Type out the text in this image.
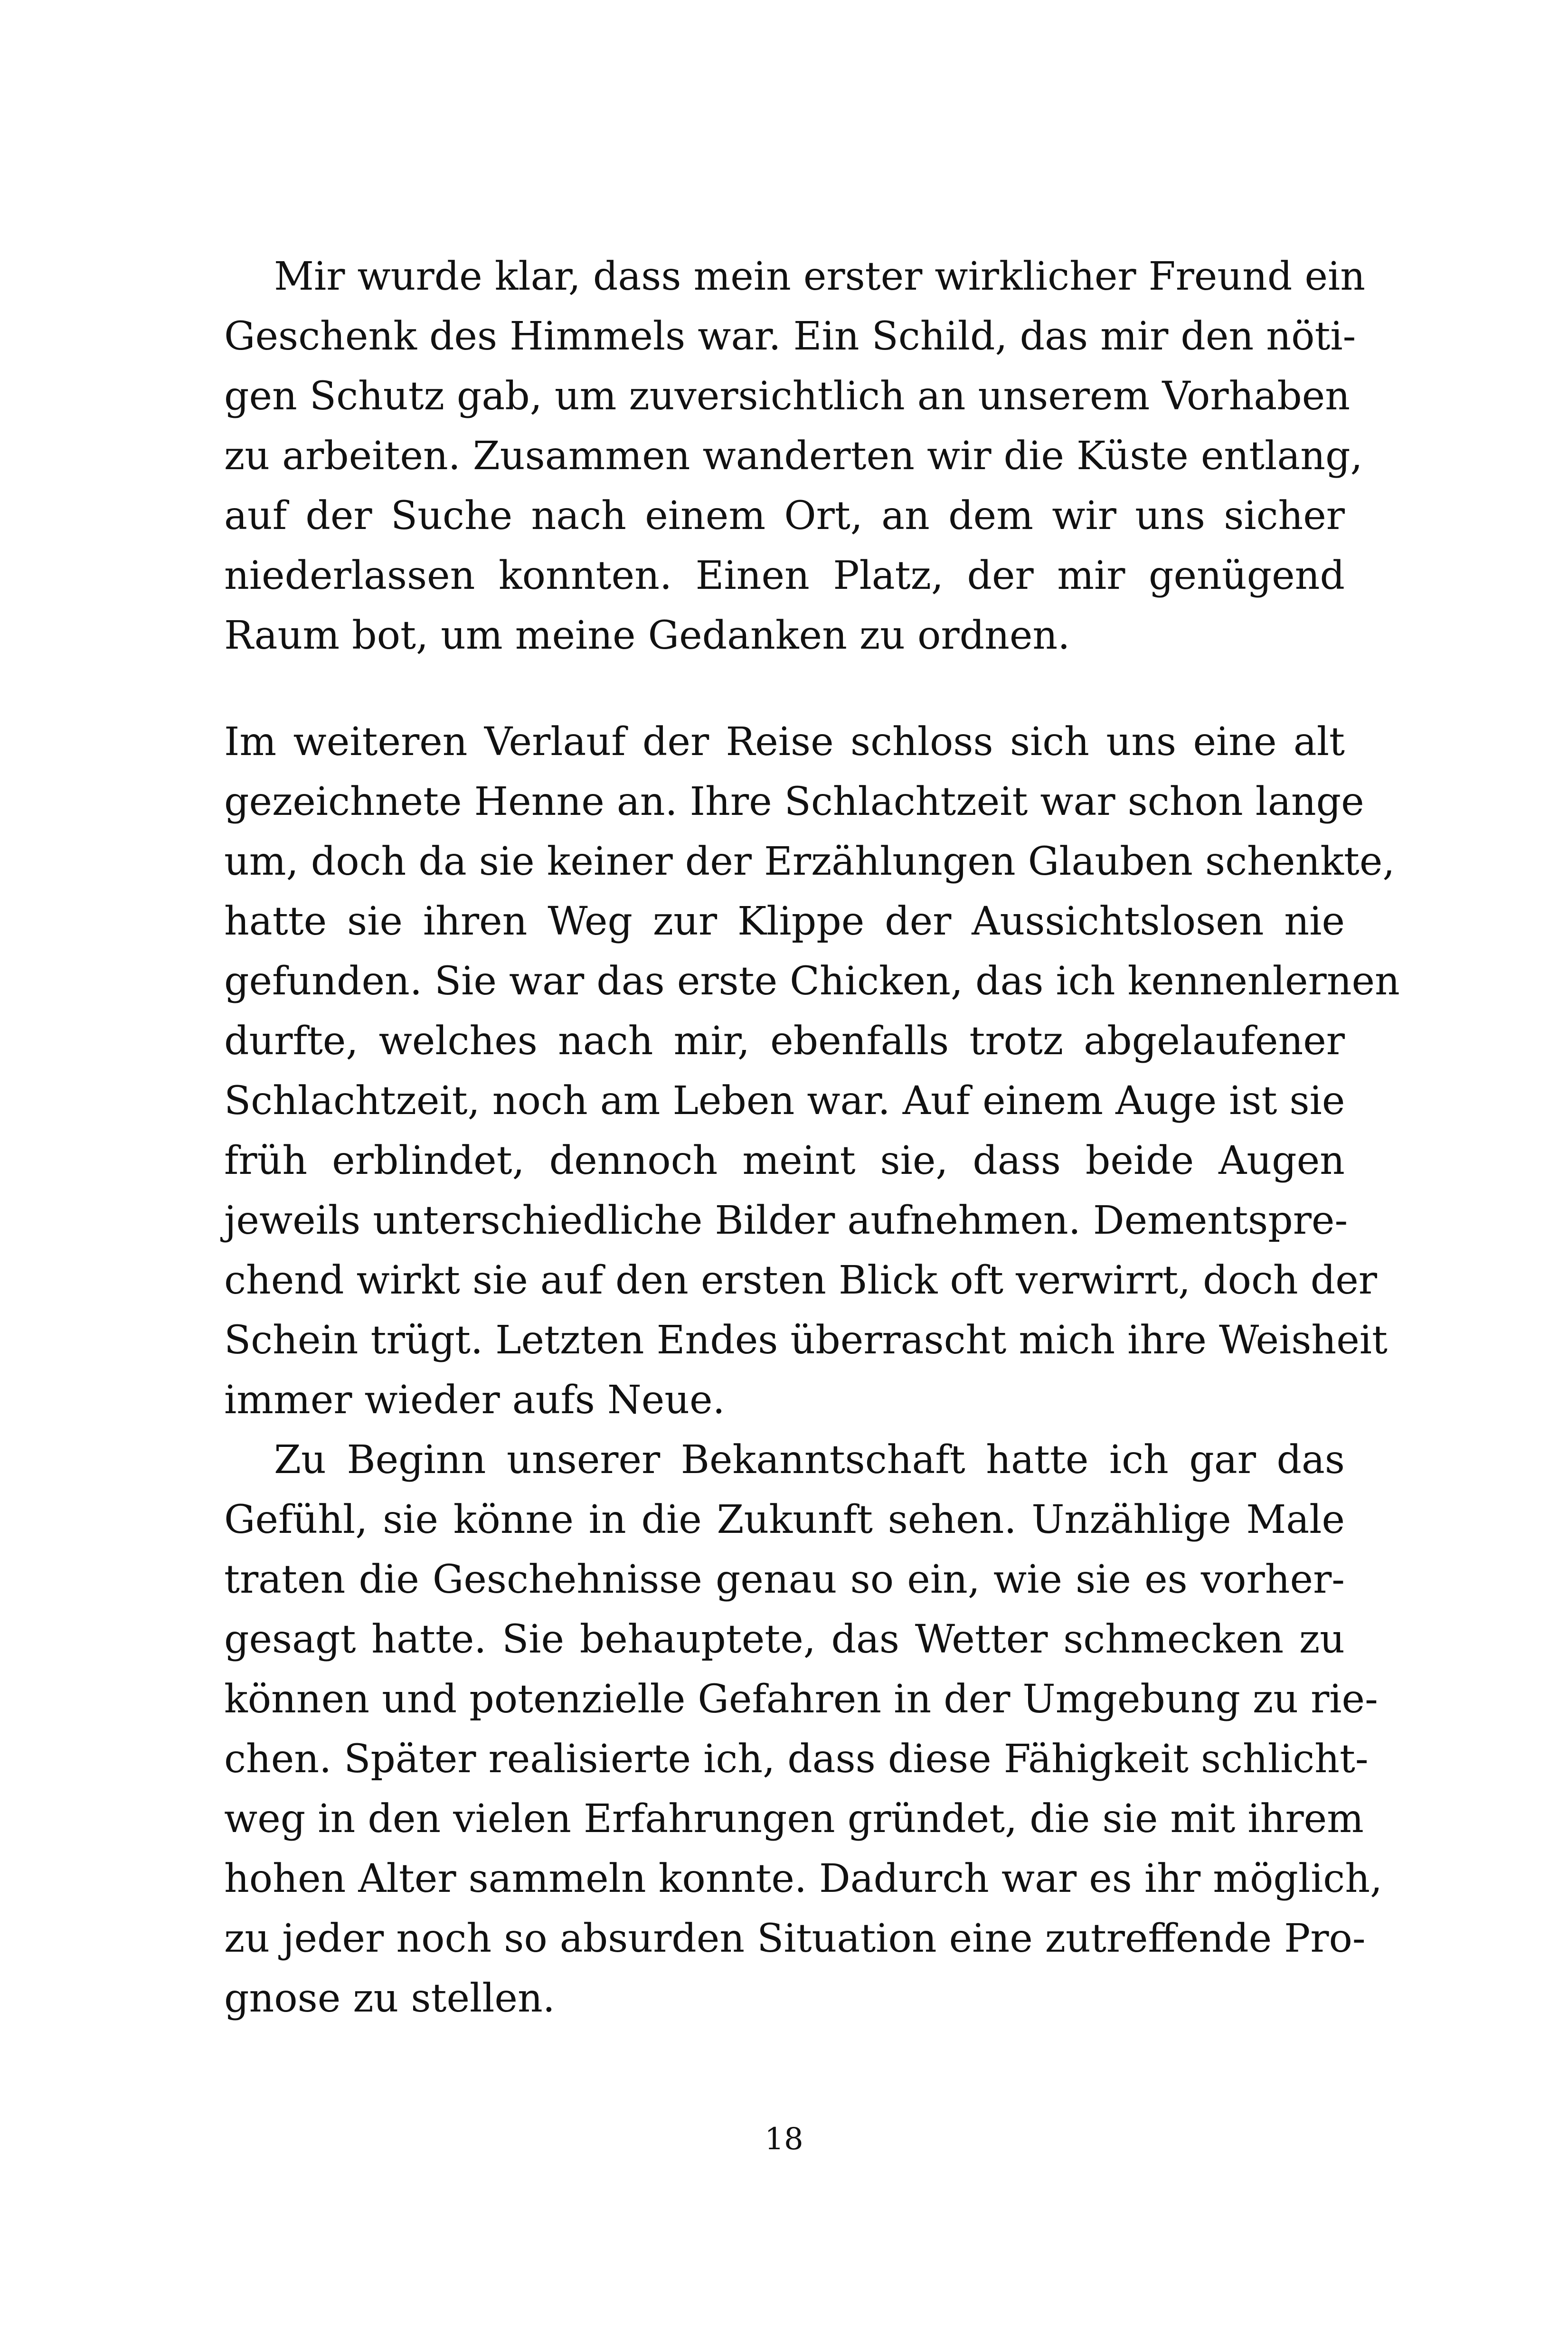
Mir wurde klar, dass mein erster wirklicher Freund ein
Geschenk des Himmels war. Ein Schild, das mir den nöti-
gen Schutz gab, um zuversichtlich an unserem Vorhaben
zu arbeiten. Zusammen wanderten wir die Küste entlang,
auf der Suche nach einem Ort, an dem wir uns sicher
niederlassen konnten. Einen Platz, der mir genügend
Raum bot, um meine Gedanken zu ordnen.
Im weiteren Verlauf der Reise schloss sich uns eine alt
gezeichnete Henne an. Ihre Schlachtzeit war schon lange
um, doch da sie keiner der Erzählungen Glauben schenkte,
hatte sie ihren Weg zur Klippe der Aussichtslosen nie
gefunden. Sie war das erste Chicken, das ich kennenlernen
durfte, welches nach mir, ebenfalls trotz abgelaufener
Schlachtzeit, noch am Leben war. Auf einem Auge ist sie
früh erblindet, dennoch meint sie, dass beide Augen
jeweils unterschiedliche Bilder aufnehmen. Dementspre-
chend wirkt sie auf den ersten Blick oft verwirrt, doch der
Schein trügt. Letzten Endes überrascht mich ihre Weisheit
immer wieder aufs Neue.
Zu Beginn unserer Bekanntschaft hatte ich gar das
Gefühl, sie könne in die Zukunft sehen. Unzählige Male
traten die Geschehnisse genau so ein, wie sie es vorher-
gesagt hatte. Sie behauptete, das Wetter schmecken zu
können und potenzielle Gefahren in der Umgebung zu rie-
chen. Später realisierte ich, dass diese Fähigkeit schlicht-
weg in den vielen Erfahrungen gründet, die sie mit ihrem
hohen Alter sammeln konnte. Dadurch war es ihr möglich,
zu jeder noch so absurden Situation eine zutreffende Pro-
gnose zu stellen.
18
